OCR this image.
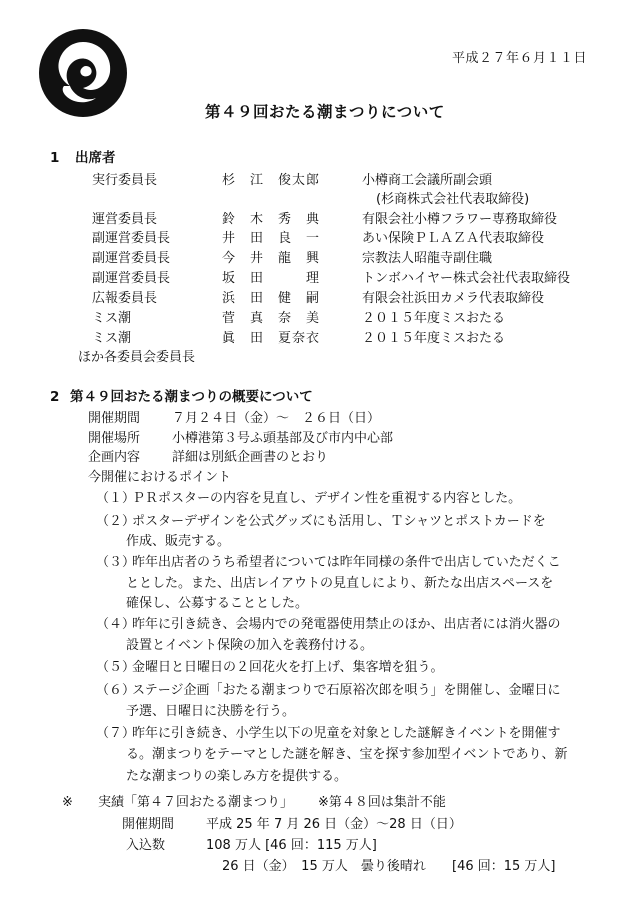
平成２７年６月１１日
第４９回おたる潮まつりについて
1 出席者
実行委員長	杉　江　俊太郎	小樽商工会議所副会頭
(杉商株式会社代表取締役)
運営委員長	鈴　木　秀　典	有限会社小樽フラワー専務取締役
副運営委員長	井　田　良　一	あい保険ＰＬＡＺＡ代表取締役
副運営委員長	今　井　龍　興	宗教法人昭龍寺副住職
副運営委員長	坂　田　　　理	トンボハイヤー株式会社代表取締役
広報委員長	浜　田　健　嗣	有限会社浜田カメラ代表取締役
ミス潮	菅　真　奈　美	２０１５年度ミスおたる
ミス潮	眞　田　夏奈衣	２０１５年度ミスおたる
ほか各委員会委員長
2 第４９回おたる潮まつりの概要について
開催期間 ７月２４日（金）～　２６日（日）
開催場所 小樽港第３号ふ頭基部及び市内中心部
企画内容 詳細は別紙企画書のとおり
今開催におけるポイント
（１）
ＰＲポスターの内容を見直し、デザイン性を重視する内容とした。
（２）
ポスターデザインを公式グッズにも活用し、Ｔシャツとポストカードを
作成、販売する。
（３）
昨年出店者のうち希望者については昨年同様の条件で出店していただくこ
ととした。また、出店レイアウトの見直しにより、新たな出店スペースを
確保し、公募することとした。
（４）
昨年に引き続き、会場内での発電器使用禁止のほか、出店者には消火器の
設置とイベント保険の加入を義務付ける。
（５）
金曜日と日曜日の２回花火を打上げ、集客増を狙う。
（６）
ステージ企画「おたる潮まつりで石原裕次郎を唄う」を開催し、金曜日に
予選、日曜日に決勝を行う。
（７）
昨年に引き続き、小学生以下の児童を対象とした謎解きイベントを開催す
る。潮まつりをテーマとした謎を解き、宝を探す参加型イベントであり、新
たな潮まつりの楽しみ方を提供する。
※ 実績「第４７回おたる潮まつり」 ※第４８回は集計不能
開催期間 平成 25 年 7 月 26 日（金）～28 日（日）
入込数	108 万人 [46 回：115 万人]
26 日（金）　15 万人　曇り後晴れ [46 回：15 万人]
